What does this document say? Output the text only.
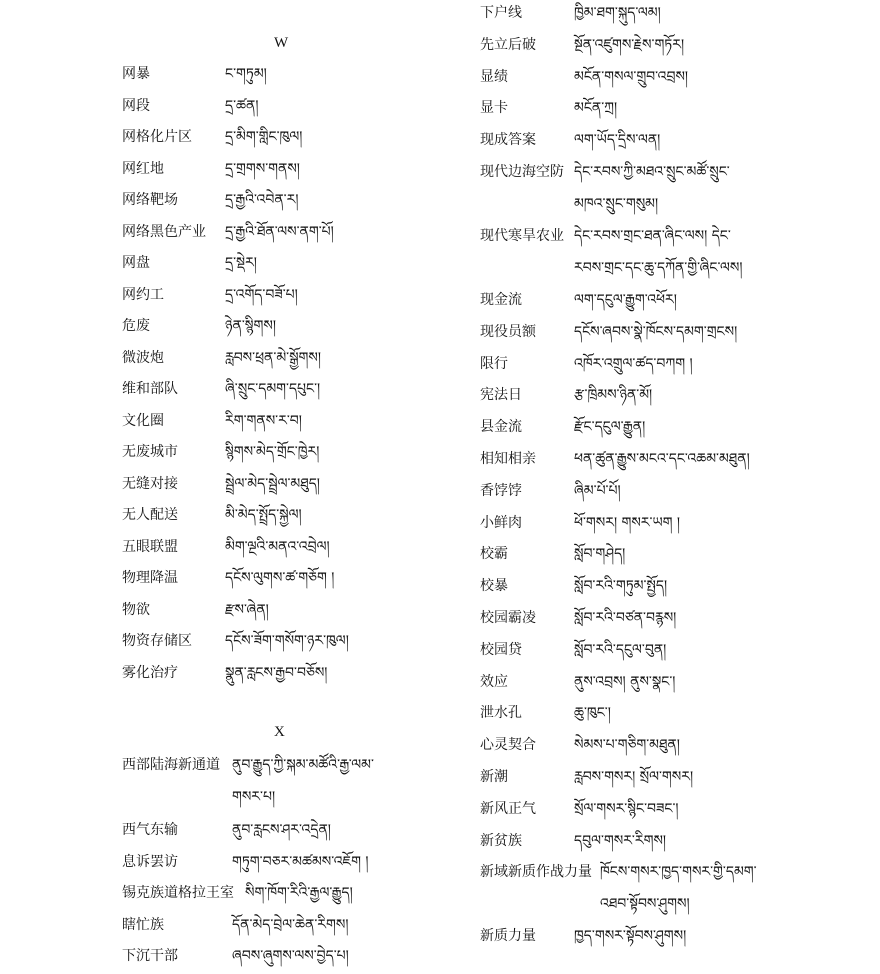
W
网暴	ང་གཏུམ།
网段	དྲ་ཚན།
网格化片区 དྲ་མིག་གླིང་ཁུལ།
网红地	དྲ་གྲགས་གནས།
网络靶场	དྲ་རྒྱའི་འབེན་ར།
网络黑色产业 དྲ་རྒྱའི་ཐོན་ལས་ནག་པོ།
网盘	དྲ་སྡེར།
网约工	དྲ་འགོད་བཟོ་པ།
危废	ཉེན་སྙིགས།
微波炮	རླབས་ཕྲན་མེ་སྒྱོགས།
维和部队	ཞི་སྲུང་དམག་དཔུང་།
文化圈	རིག་གནས་ར་བ།
无废城市	སྙིགས་མེད་གྲོང་ཁྱེར།
无缝对接	སྦྲེལ་མེད་སྦྲེལ་མཐུད།
无人配送	མི་མེད་སྤྲོད་སྐྱེལ།
五眼联盟	མིག་ལྔའི་མནའ་འབྲེལ།
物理降温	དངོས་ལུགས་ཚ་གཅོག །
物欲	རྫས་ཞེན།
物资存储区 དངོས་ཟོག་གསོག་ཉར་ཁུལ།
雾化治疗	སྣུན་རླངས་རྒྱབ་བཅོས།
X
西部陆海新通道 ནུབ་རྒྱུད་ཀྱི་སྐམ་མཚོའི་རྒྱ་ལམ་
གསར་པ།
西气东输	ནུབ་རླངས་ཤར་འདྲེན།
息诉罢访	གཏུག་བཅར་མཚམས་འཇོག །
锡克族道格拉王室 སིག་ཁོག་རིའི་རྒྱལ་རྒྱུད།
瞎忙族	དོན་མེད་བྲེལ་ཆེན་རིགས།
下沉干部	ཞབས་ཞུགས་ལས་བྱེད་པ།
下户线	ཁྱིམ་ཐག་སྐུད་ལམ།
先立后破	སྔོན་འཛུགས་རྗེས་གཏོར།
显绩	མངོན་གསལ་གྲུབ་འབྲས།
显卡	མངོན་ཀྲ།
现成答案	ལག་ཡོད་དྲིས་ལན།
现代边海空防 དེང་རབས་ཀྱི་མཐའ་སྲུང་མཚོ་སྲུང་
མཁའ་སྲུང་གསུམ།
现代寒旱农业 དེང་རབས་གྲང་ཐན་ཞིང་ལས། དེང་
རབས་གྲང་དང་ཆུ་དཀོན་གྱི་ཞིང་ལས།
现金流	ལག་དངུལ་རྒྱུག་འཕོར།
现役员额	དངོས་ཞབས་སྣེ་ཁོངས་དམག་གྲངས།
限行	འཁོར་འགྲུལ་ཚད་བཀག །
宪法日	རྩ་ཁྲིམས་ཉིན་མོ།
县金流	རྫོང་དངུལ་རྒྱུན།
相知相亲	ཕན་ཚུན་རྒྱུས་མངའ་དང་འཆམ་མཐུན།
香饽饽	ཞིམ་པོ་པོ།
小鲜肉	ཕོ་གསར། གསར་ཡག །
校霸	སློབ་གཤེད།
校暴	སློབ་རའི་གཏུམ་སྤྱོད།
校园霸凌	སློབ་རའི་བཙན་བརྙས།
校园贷	སློབ་རའི་དངུལ་བུན།
效应	ནུས་འབྲས། ནུས་སྣང་།
泄水孔	ཆུ་ཁུང་།
心灵契合	སེམས་པ་གཅིག་མཐུན།
新潮	རླབས་གསར། སྲོལ་གསར།
新风正气	སྲོལ་གསར་སྙིང་བཟང་།
新贫族	དབུལ་གསར་རིགས།
新域新质作战力量 ཁོངས་གསར་ཁྱད་གསར་གྱི་དམག་
འཐབ་སྟོབས་ཤུགས།
新质力量	ཁྱད་གསར་སྟོབས་ཤུགས།
